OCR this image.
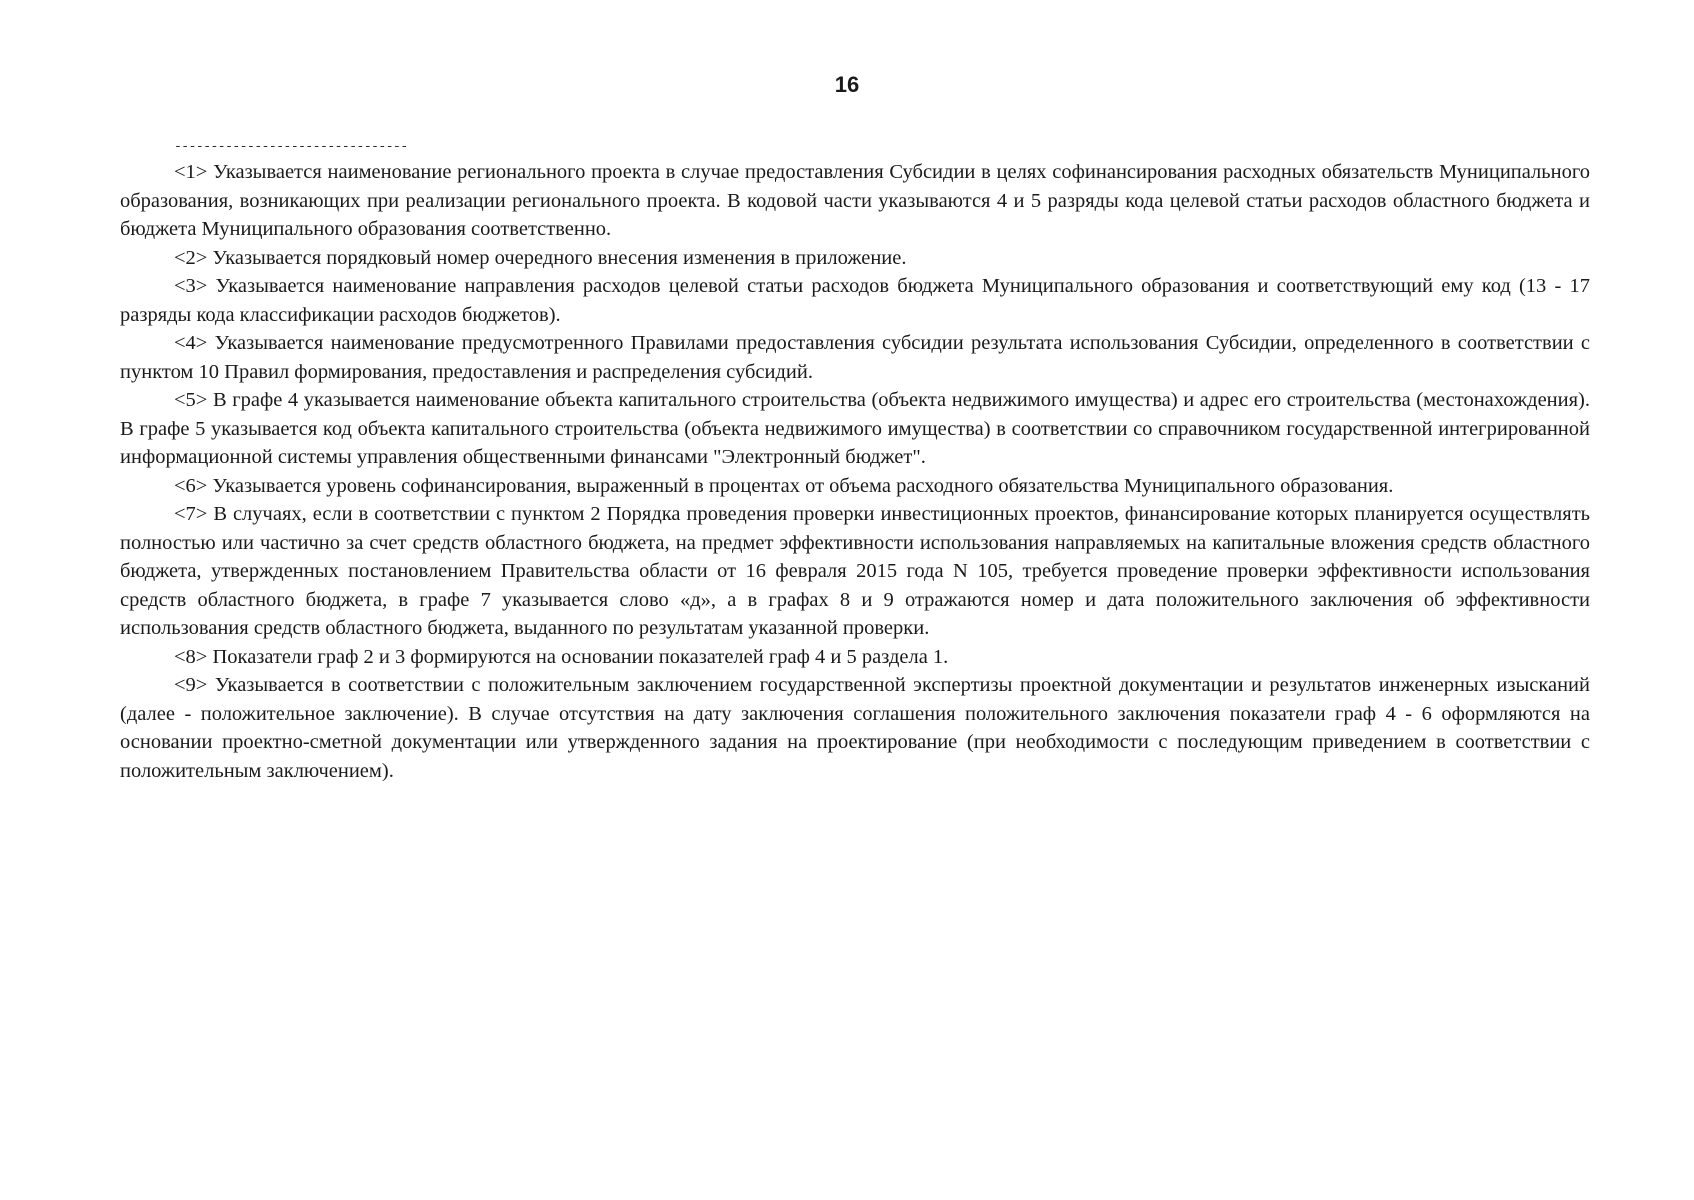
16
--------------------------------

<1> Указывается наименование регионального проекта в случае предоставления Субсидии в целях софинансирования расходных обязательств Муниципального образования, возникающих при реализации регионального проекта. В кодовой части указываются 4 и 5 разряды кода целевой статьи расходов областного бюджета и бюджета Муниципального образования соответственно.

<2> Указывается порядковый номер очередного внесения изменения в приложение.

<3> Указывается наименование направления расходов целевой статьи расходов бюджета Муниципального образования и соответствующий ему код (13 - 17 разряды кода классификации расходов бюджетов).

<4> Указывается наименование предусмотренного Правилами предоставления субсидии результата использования Субсидии, определенного в соответствии с пунктом 10 Правил формирования, предоставления и распределения субсидий.

<5> В графе 4 указывается наименование объекта капитального строительства (объекта недвижимого имущества) и адрес его строительства (местонахождения). В графе 5 указывается код объекта капитального строительства (объекта недвижимого имущества) в соответствии со справочником государственной интегрированной информационной системы управления общественными финансами "Электронный бюджет".

<6> Указывается уровень софинансирования, выраженный в процентах от объема расходного обязательства Муниципального образования.

<7> В случаях, если в соответствии с пунктом 2 Порядка проведения проверки инвестиционных проектов, финансирование которых планируется осуществлять полностью или частично за счет средств областного бюджета, на предмет эффективности использования направляемых на капитальные вложения средств областного бюджета, утвержденных постановлением Правительства области от 16 февраля 2015 года N 105, требуется проведение проверки эффективности использования средств областного бюджета, в графе 7 указывается слово «д», а в графах 8 и 9 отражаются номер и дата положительного заключения об эффективности использования средств областного бюджета, выданного по результатам указанной проверки.

<8> Показатели граф 2 и 3 формируются на основании показателей граф 4 и 5 раздела 1.

<9> Указывается в соответствии с положительным заключением государственной экспертизы проектной документации и результатов инженерных изысканий (далее - положительное заключение). В случае отсутствия на дату заключения соглашения положительного заключения показатели граф 4 - 6 оформляются на основании проектно-сметной документации или утвержденного задания на проектирование (при необходимости с последующим приведением в соответствии с положительным заключением).
